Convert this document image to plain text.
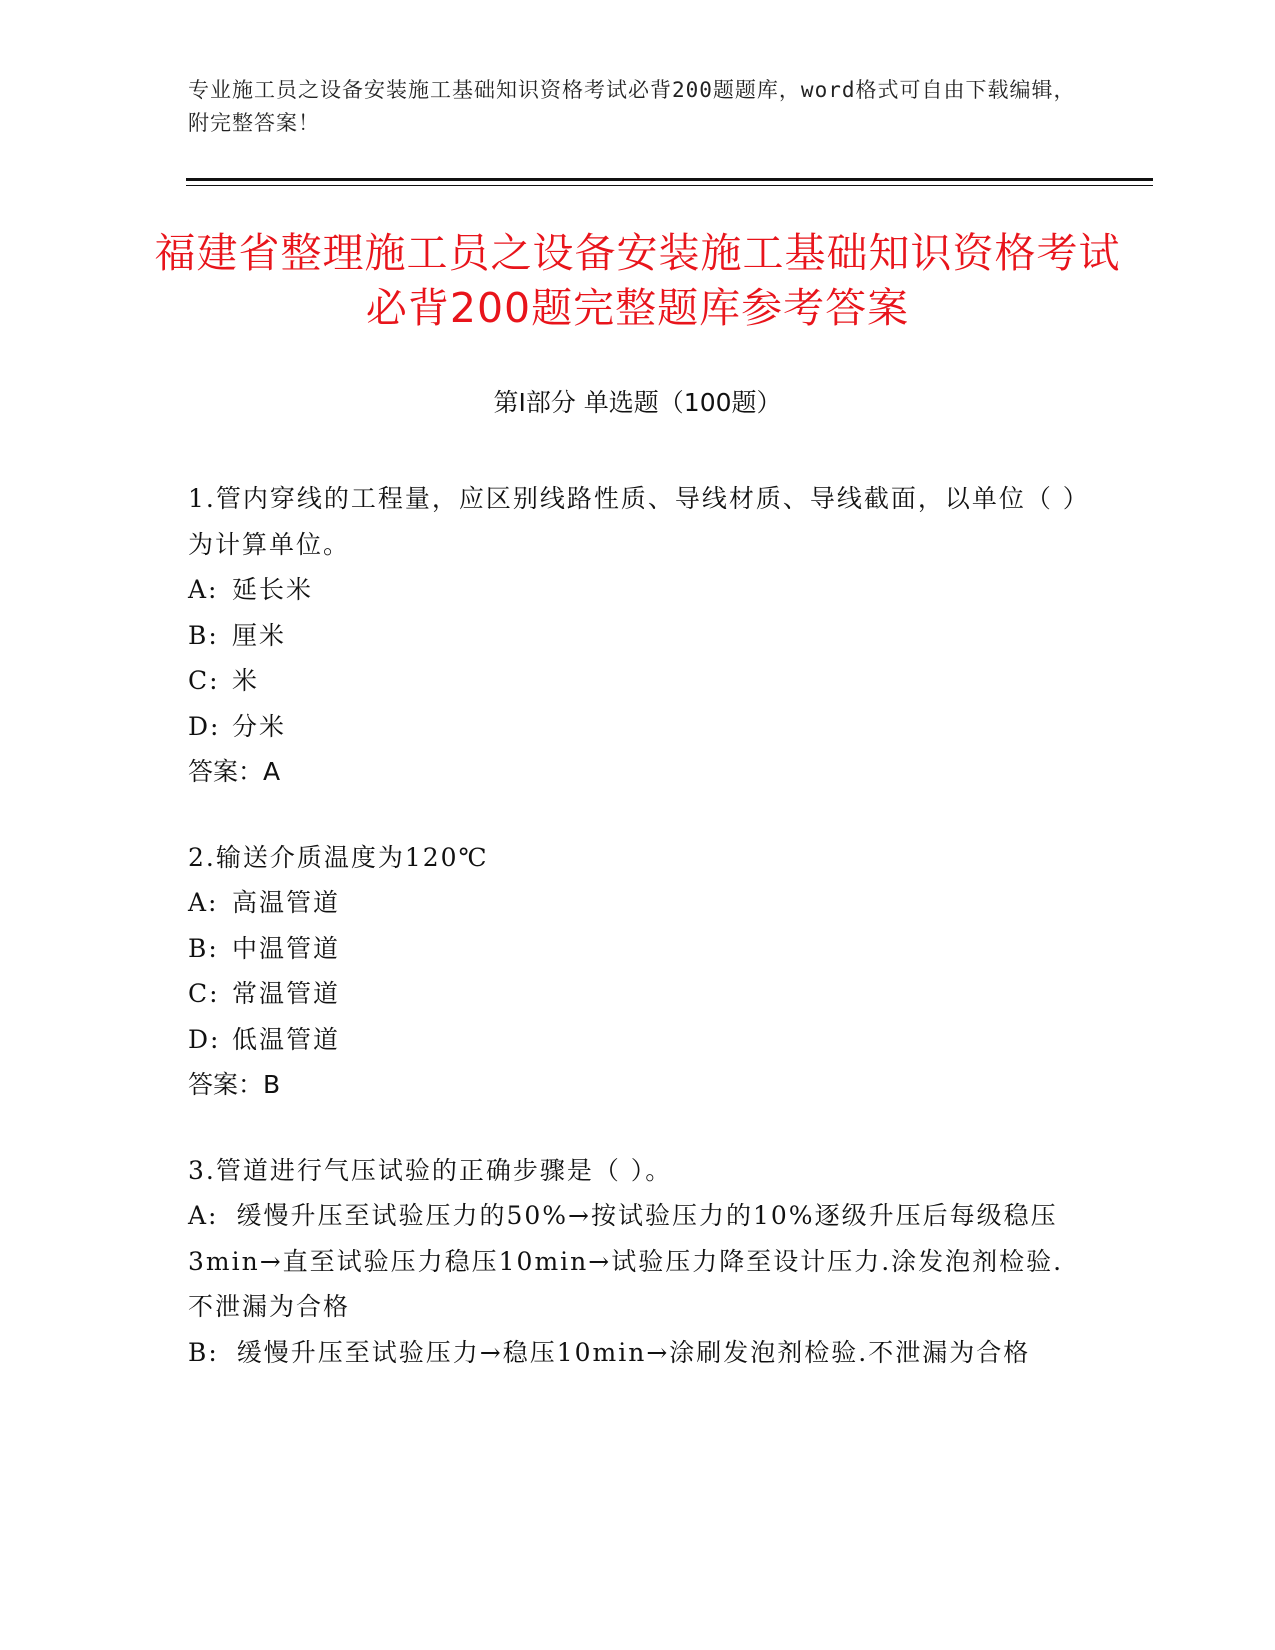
专业施工员之设备安装施工基础知识资格考试必背200题题库，word格式可自由下载编辑，附完整答案！
福建省整理施工员之设备安装施工基础知识资格考试必背200题完整题库参考答案
第Ⅰ部分 单选题（100题）
1.管内穿线的工程量，应区别线路性质、导线材质、导线截面，以单位（ ）为计算单位。
A: 延长米
B: 厘米
C: 米
D: 分米
答案：A
2.输送介质温度为120℃
A: 高温管道
B: 中温管道
C: 常温管道
D: 低温管道
答案：B
3.管道进行气压试验的正确步骤是（ ）。
A: 缓慢升压至试验压力的50%→按试验压力的10%逐级升压后每级稳压3min→直至试验压力稳压10min→试验压力降至设计压力.涂发泡剂检验.不泄漏为合格
B: 缓慢升压至试验压力→稳压10min→涂刷发泡剂检验.不泄漏为合格
